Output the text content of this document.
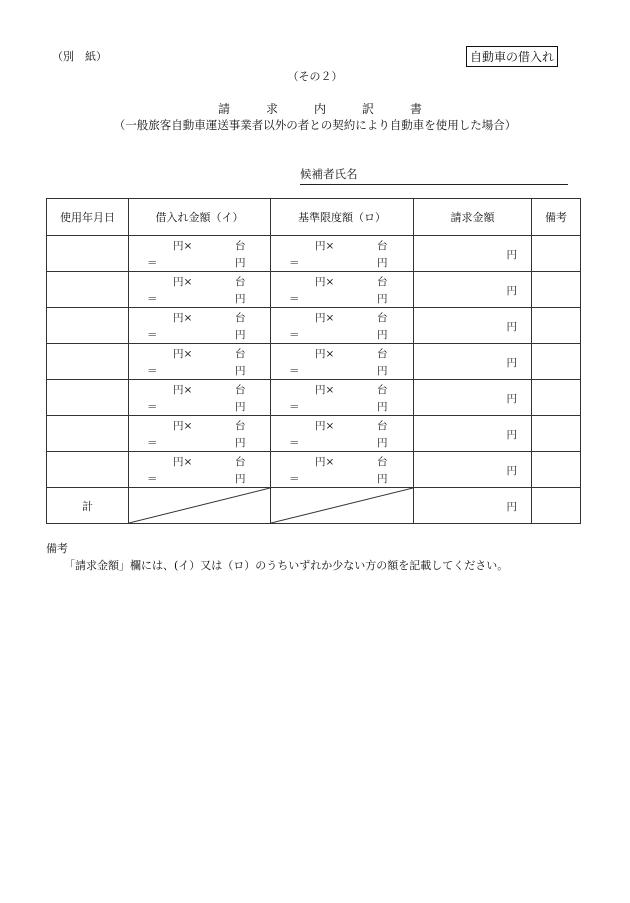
（別　紙）	自動車の借入れ
（その２）
請	求	内	訳	書
（一般旅客自動車運送事業者以外の者との契約により自動車を使用した場合）
候補者氏名
使用年月日	借入れ金額（イ）	基準限度額（ロ）	請求金額	備考

	円× 台
＝ 円	円× 台
＝ 円	円	

	円× 台
＝ 円	円× 台
＝ 円	円	

	円× 台
＝ 円	円× 台
＝ 円	円	

	円× 台
＝ 円	円× 台
＝ 円	円	

	円× 台
＝ 円	円× 台
＝ 円	円	

	円× 台
＝ 円	円× 台
＝ 円	円	

	円× 台
＝ 円	円× 台
＝ 円	円	

計			円	

備考
「請求金額」欄には、(イ）又は（ロ）のうちいずれか少ない方の額を記載してください。
